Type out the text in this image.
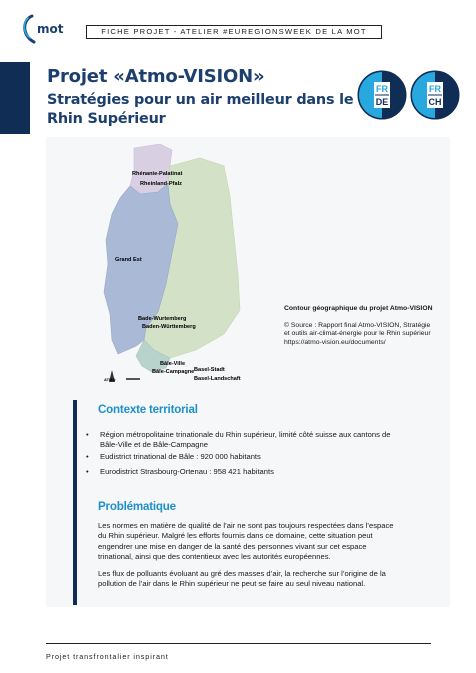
mot	FICHE PROJET - ATELIER #EUREGIONSWEEK DE LA MOT
Projet «Atmo-VISION»
Stratégies pour un air meilleur dans le Rhin Supérieur
FR
DE
FR
CH
Rhénanie-Palatinat
Rheinland-Pfalz
Grand Est
Bade-Wurtemberg
Baden-Württemberg
Bâle-Ville
Bâle-Campagne Basel-Stadt
Basel-Landschaft
ATMO
Contour géographique du projet Atmo-VISION
© Source : Rapport final Atmo-VISION, Stratégie et outils air-climat-énergie pour le Rhin supérieur
https://atmo-vision.eu/documents/
Contexte territorial
• Région métropolitaine trinationale du Rhin supérieur, limité côté suisse aux cantons de Bâle-Ville et de Bâle-Campagne
• Eudistrict trinational de Bâle : 920 000 habitants
• Eurodistrict Strasbourg-Ortenau : 958 421 habitants
Problématique
Les normes en matière de qualité de l’air ne sont pas toujours respectées dans l’espace du Rhin supérieur. Malgré les efforts fournis dans ce domaine, cette situation peut engendrer une mise en danger de la santé des personnes vivant sur cet espace trinational, ainsi que des contentieux avec les autorités européennes.
Les flux de polluants évoluant au gré des masses d’air, la recherche sur l’origine de la pollution de l’air dans le Rhin supérieur ne peut se faire au seul niveau national.
Projet transfrontalier inspirant
